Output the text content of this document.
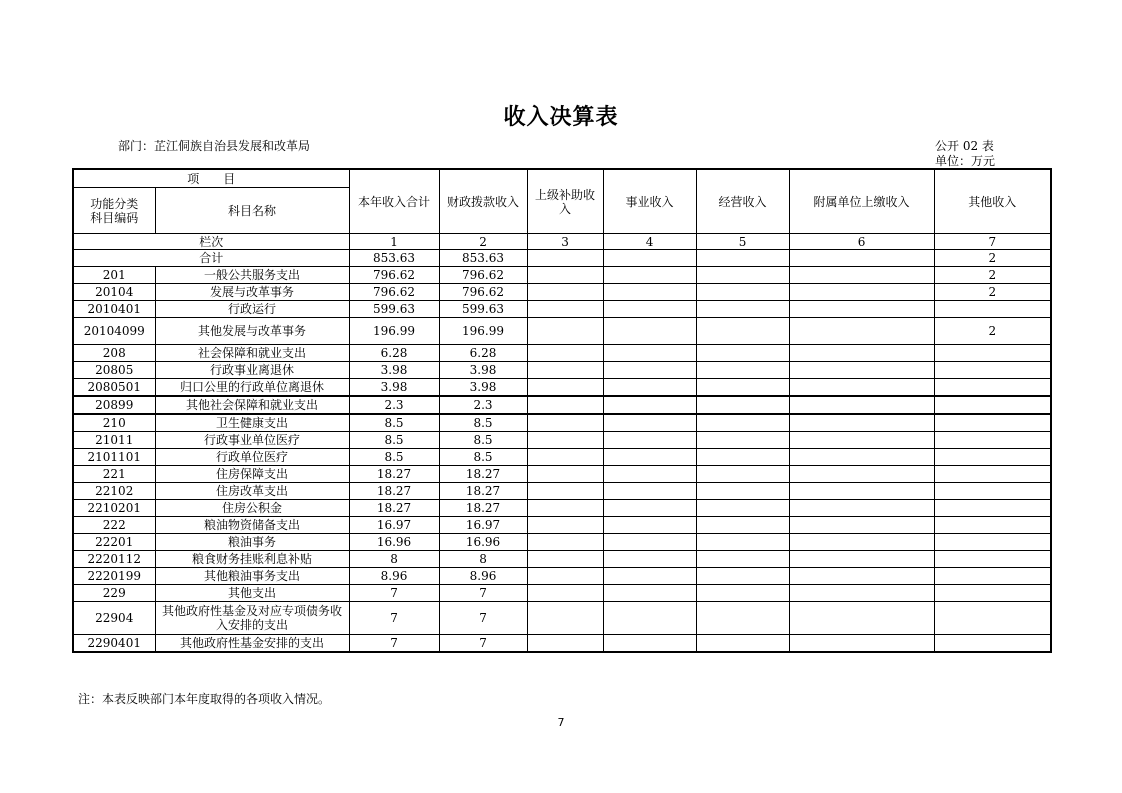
收入决算表
部门：芷江侗族自治县发展和改革局	公开 02 表
单位：万元
项　　目		本年收入合计	财政拨款收入	上级补助收入	事业收入	经营收入	附属单位上缴收入	其他收入
功能分类
科目编码	科目名称							
栏次		1	2	3	4	5	6	7
合计		853.63	853.63					2
201	一般公共服务支出	796.62	796.62					2
20104	发展与改革事务	796.62	796.62					2
2010401	行政运行	599.63	599.63					
20104099	其他发展与改革事务	196.99	196.99					2
208	社会保障和就业支出	6.28	6.28					
20805	行政事业离退休	3.98	3.98					
2080501	归口公里的行政单位离退休	3.98	3.98					
20899	其他社会保障和就业支出	2.3	2.3					
210	卫生健康支出	8.5	8.5					
21011	行政事业单位医疗	8.5	8.5					
2101101	行政单位医疗	8.5	8.5					
221	住房保障支出	18.27	18.27					
22102	住房改革支出	18.27	18.27					
2210201	住房公积金	18.27	18.27					
222	粮油物资储备支出	16.97	16.97					
22201	粮油事务	16.96	16.96					
2220112	粮食财务挂账利息补贴	8	8					
2220199	其他粮油事务支出	8.96	8.96					
229	其他支出	7	7					
22904	其他政府性基金及对应专项债务收入安排的支出	7	7					
2290401	其他政府性基金安排的支出	7	7					
注：本表反映部门本年度取得的各项收入情况。
7
